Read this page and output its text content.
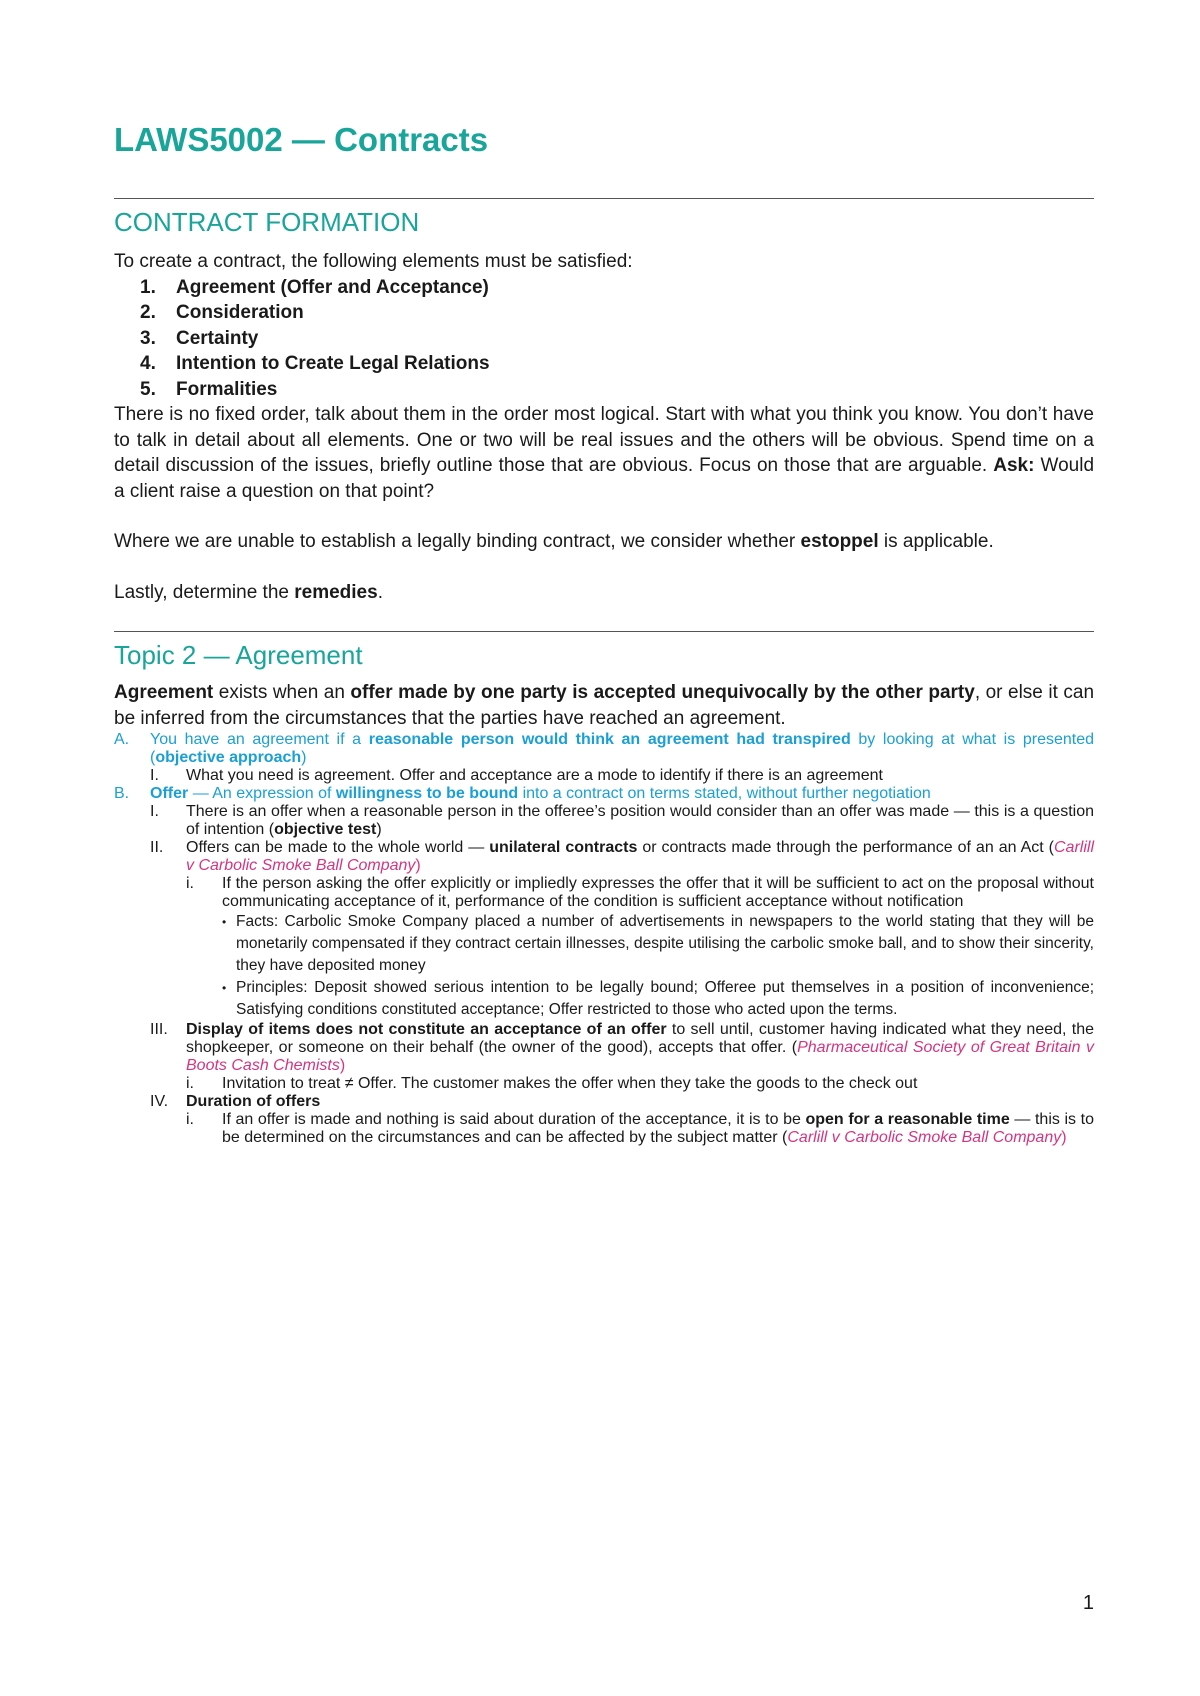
LAWS5002 — Contracts
CONTRACT FORMATION

To create a contract, the following elements must be satisfied:

1.	Agreement (Offer and Acceptance)
2.	Consideration
3.	Certainty
4.	Intention to Create Legal Relations
5.	Formalities

There is no fixed order, talk about them in the order most logical. Start with what you think you know. You don’t have to talk in detail about all elements. One or two will be real issues and the others will be obvious. Spend time on a detail discussion of the issues, briefly outline those that are obvious. Focus on those that are arguable. Ask: Would a client raise a question on that point?

Where we are unable to establish a legally binding contract, we consider whether estoppel is applicable.

Lastly, determine the remedies.

Topic 2 — Agreement

Agreement exists when an offer made by one party is accepted unequivocally by the other party, or else it can be inferred from the circumstances that the parties have reached an agreement.

A.	You have an agreement if a reasonable person would think an agreement had transpired by looking at what is presented (objective approach)
I.	What you need is agreement. Offer and acceptance are a mode to identify if there is an agreement
B.	Offer — An expression of willingness to be bound into a contract on terms stated, without further negotiation
I.	There is an offer when a reasonable person in the offeree’s position would consider than an offer was made — this is a question of intention (objective test)
II.	Offers can be made to the whole world — unilateral contracts or contracts made through the performance of an an Act (Carlill v Carbolic Smoke Ball Company)
i.	If the person asking the offer explicitly or impliedly expresses the offer that it will be sufficient to act on the proposal without communicating acceptance of it, performance of the condition is sufficient acceptance without notification
• Facts: Carbolic Smoke Company placed a number of advertisements in newspapers to the world stating that they will be monetarily compensated if they contract certain illnesses, despite utilising the carbolic smoke ball, and to show their sincerity, they have deposited money
• Principles: Deposit showed serious intention to be legally bound; Offeree put themselves in a position of inconvenience; Satisfying conditions constituted acceptance; Offer restricted to those who acted upon the terms.
III.	Display of items does not constitute an acceptance of an offer to sell until, customer having indicated what they need, the shopkeeper, or someone on their behalf (the owner of the good), accepts that offer. (Pharmaceutical Society of Great Britain v Boots Cash Chemists)
i.	Invitation to treat ≠ Offer. The customer makes the offer when they take the goods to the check out
IV.	Duration of offers
i.	If an offer is made and nothing is said about duration of the acceptance, it is to be open for a reasonable time — this is to be determined on the circumstances and can be affected by the subject matter (Carlill v Carbolic Smoke Ball Company)
1
